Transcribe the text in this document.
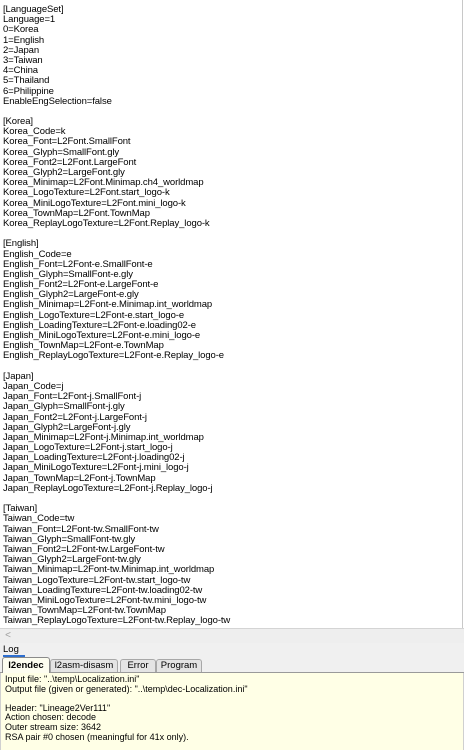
[LanguageSet]
Language=1
0=Korea
1=English
2=Japan
3=Taiwan
4=China
5=Thailand
6=Philippine
EnableEngSelection=false
[Korea]
Korea_Code=k
Korea_Font=L2Font.SmallFont
Korea_Glyph=SmallFont.gly
Korea_Font2=L2Font.LargeFont
Korea_Glyph2=LargeFont.gly
Korea_Minimap=L2Font.Minimap.ch4_worldmap
Korea_LogoTexture=L2Font.start_logo-k
Korea_MiniLogoTexture=L2Font.mini_logo-k
Korea_TownMap=L2Font.TownMap
Korea_ReplayLogoTexture=L2Font.Replay_logo-k
[English]
English_Code=e
English_Font=L2Font-e.SmallFont-e
English_Glyph=SmallFont-e.gly
English_Font2=L2Font-e.LargeFont-e
English_Glyph2=LargeFont-e.gly
English_Minimap=L2Font-e.Minimap.int_worldmap
English_LogoTexture=L2Font-e.start_logo-e
English_LoadingTexture=L2Font-e.loading02-e
English_MiniLogoTexture=L2Font-e.mini_logo-e
English_TownMap=L2Font-e.TownMap
English_ReplayLogoTexture=L2Font-e.Replay_logo-e
[Japan]
Japan_Code=j
Japan_Font=L2Font-j.SmallFont-j
Japan_Glyph=SmallFont-j.gly
Japan_Font2=L2Font-j.LargeFont-j
Japan_Glyph2=LargeFont-j.gly
Japan_Minimap=L2Font-j.Minimap.int_worldmap
Japan_LogoTexture=L2Font-j.start_logo-j
Japan_LoadingTexture=L2Font-j.loading02-j
Japan_MiniLogoTexture=L2Font-j.mini_logo-j
Japan_TownMap=L2Font-j.TownMap
Japan_ReplayLogoTexture=L2Font-j.Replay_logo-j
[Taiwan]
Taiwan_Code=tw
Taiwan_Font=L2Font-tw.SmallFont-tw
Taiwan_Glyph=SmallFont-tw.gly
Taiwan_Font2=L2Font-tw.LargeFont-tw
Taiwan_Glyph2=LargeFont-tw.gly
Taiwan_Minimap=L2Font-tw.Minimap.int_worldmap
Taiwan_LogoTexture=L2Font-tw.start_logo-tw
Taiwan_LoadingTexture=L2Font-tw.loading02-tw
Taiwan_MiniLogoTexture=L2Font-tw.mini_logo-tw
Taiwan_TownMap=L2Font-tw.TownMap
Taiwan_ReplayLogoTexture=L2Font-tw.Replay_logo-tw
<
Log
l2endec	l2asm-disasm	Error	Program
Input file: "..\temp\Localization.ini"
Output file (given or generated): "..\temp\dec-Localization.ini"
Header: "Lineage2Ver111"
Action chosen: decode
Outer stream size: 3642
RSA pair #0 chosen (meaningful for 41x only).
